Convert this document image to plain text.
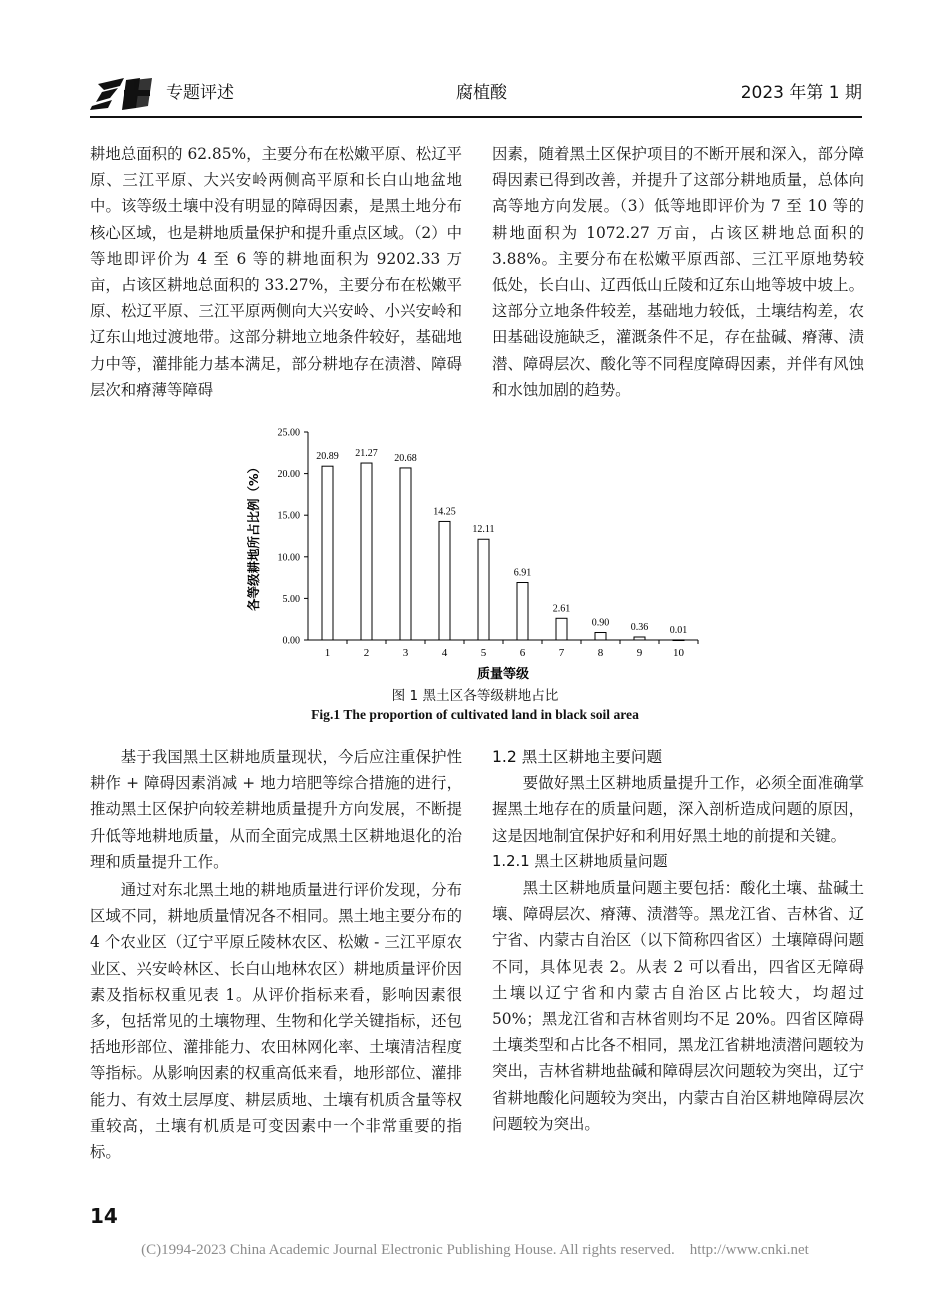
专题评述	腐植酸	2023 年第 1 期

耕地总面积的 62.85%，主要分布在松嫩平原、松辽平原、三江平原、大兴安岭两侧高平原和长白山地盆地中。该等级土壤中没有明显的障碍因素，是黑土地分布核心区域，也是耕地质量保护和提升重点区域。（2）中等地即评价为 4 至 6 等的耕地面积为 9202.33 万亩，占该区耕地总面积的 33.27%，主要分布在松嫩平原、松辽平原、三江平原两侧向大兴安岭、小兴安岭和辽东山地过渡地带。这部分耕地立地条件较好，基础地力中等，灌排能力基本满足，部分耕地存在渍潜、障碍层次和瘠薄等障碍

因素，随着黑土区保护项目的不断开展和深入，部分障碍因素已得到改善，并提升了这部分耕地质量，总体向高等地方向发展。（3）低等地即评价为 7 至 10 等的耕地面积为 1072.27 万亩，占该区耕地总面积的 3.88%。主要分布在松嫩平原西部、三江平原地势较低处，长白山、辽西低山丘陵和辽东山地等坡中坡上。这部分立地条件较差，基础地力较低，土壤结构差，农田基础设施缺乏，灌溉条件不足，存在盐碱、瘠薄、渍潜、障碍层次、酸化等不同程度障碍因素，并伴有风蚀和水蚀加剧的趋势。

0.00
5.00
10.00
15.00
20.00
25.00
20.89
1
21.27
2
20.68
3
14.25
4
12.11
5
6.91
6
2.61
7
0.90
8
0.36
9
0.01
10
质量等级
各等级耕地所占比例（%）
图 1 黑土区各等级耕地占比
Fig.1 The proportion of cultivated land in black soil area

基于我国黑土区耕地质量现状，今后应注重保护性耕作 + 障碍因素消减 + 地力培肥等综合措施的进行，推动黑土区保护向较差耕地质量提升方向发展，不断提升低等地耕地质量，从而全面完成黑土区耕地退化的治理和质量提升工作。

通过对东北黑土地的耕地质量进行评价发现，分布区域不同，耕地质量情况各不相同。黑土地主要分布的 4 个农业区（辽宁平原丘陵林农区、松嫩 - 三江平原农业区、兴安岭林区、长白山地林农区）耕地质量评价因素及指标权重见表 1。从评价指标来看，影响因素很多，包括常见的土壤物理、生物和化学关键指标，还包括地形部位、灌排能力、农田林网化率、土壤清洁程度等指标。从影响因素的权重高低来看，地形部位、灌排能力、有效土层厚度、耕层质地、土壤有机质含量等权重较高，土壤有机质是可变因素中一个非常重要的指标。

1.2 黑土区耕地主要问题

要做好黑土区耕地质量提升工作，必须全面准确掌握黑土地存在的质量问题，深入剖析造成问题的原因，这是因地制宜保护好和利用好黑土地的前提和关键。

1.2.1 黑土区耕地质量问题

黑土区耕地质量问题主要包括：酸化土壤、盐碱土壤、障碍层次、瘠薄、渍潜等。黑龙江省、吉林省、辽宁省、内蒙古自治区（以下简称四省区）土壤障碍问题不同，具体见表 2。从表 2 可以看出，四省区无障碍土壤以辽宁省和内蒙古自治区占比较大，均超过 50%；黑龙江省和吉林省则均不足 20%。四省区障碍土壤类型和占比各不相同，黑龙江省耕地渍潜问题较为突出，吉林省耕地盐碱和障碍层次问题较为突出，辽宁省耕地酸化问题较为突出，内蒙古自治区耕地障碍层次问题较为突出。

14
(C)1994-2023 China Academic Journal Electronic Publishing House. All rights reserved.    http://www.cnki.net
